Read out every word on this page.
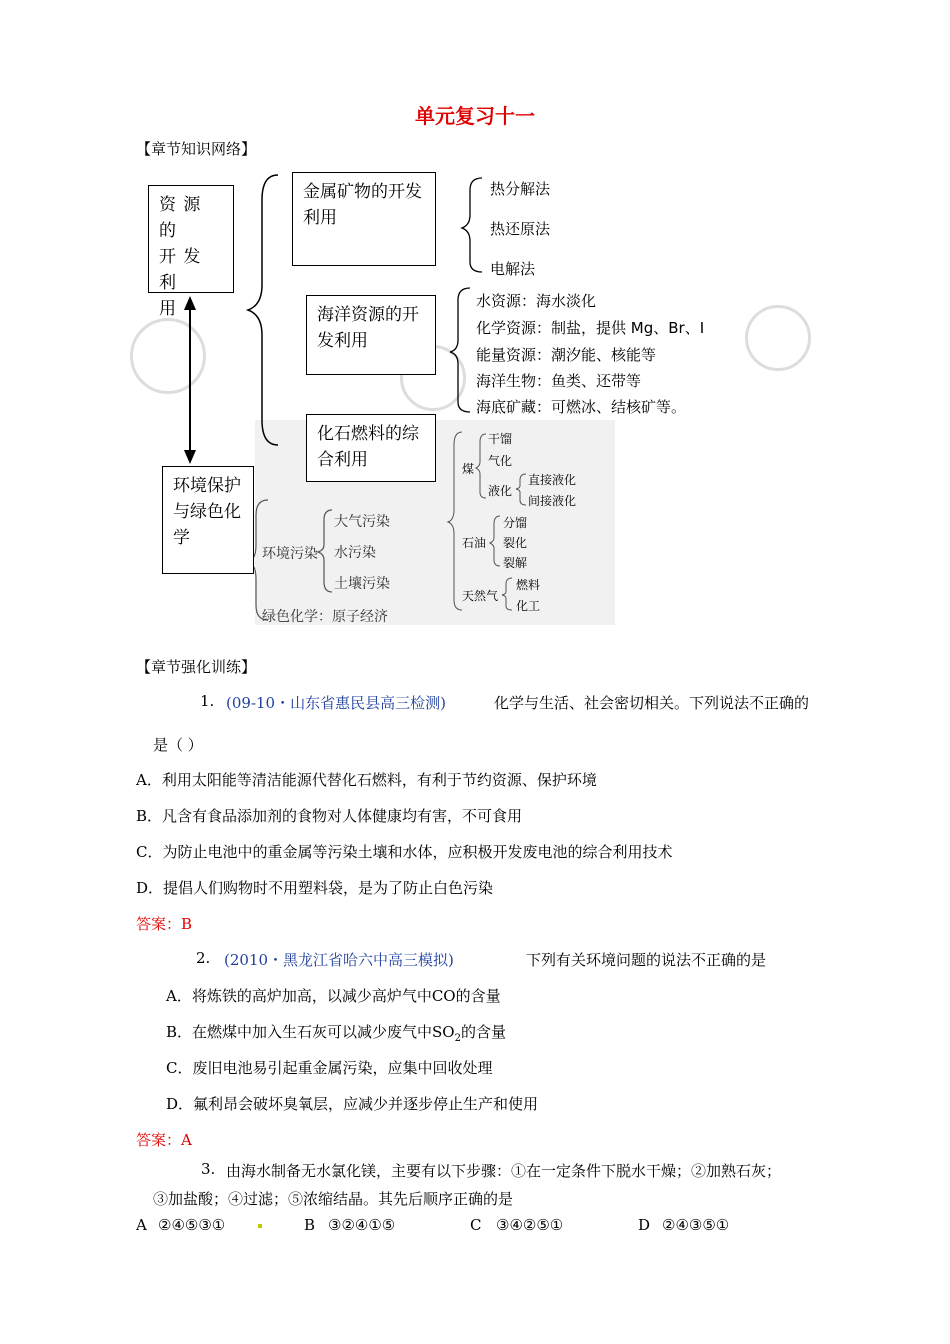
单元复习十一
【章节知识网络】
资 源 的
开 发 利
用
环境保护
与绿色化
学
金属矿物的开发
利用
海洋资源的开
发利用
化石燃料的综
合利用
热分解法
热还原法
电解法
水资源：海水淡化
化学资源：制盐，提供 Mg、Br、I
能量资源：潮汐能、核能等
海洋生物：鱼类、还带等
海底矿藏：可燃冰、结核矿等。
环境污染
大气污染
水污染
土壤污染
绿色化学：原子经济
煤
干馏
气化
液化
直接液化
间接液化
石油
分馏
裂化
裂解
天然气
燃料
化工
【章节强化训练】
1. (09-10・山东省惠民县高三检测)	化学与生活、社会密切相关。下列说法不正确的
是（ ）
A．利用太阳能等清洁能源代替化石燃料，有利于节约资源、保护环境
B．凡含有食品添加剂的食物对人体健康均有害，不可食用
C．为防止电池中的重金属等污染土壤和水体，应积极开发废电池的综合利用技术
D．提倡人们购物时不用塑料袋，是为了防止白色污染
答案：B
2. (2010・黑龙江省哈六中高三模拟)	下列有关环境问题的说法不正确的是
A．将炼铁的高炉加高，以减少高炉气中CO的含量
B．在燃煤中加入生石灰可以减少废气中$SO_2$的含量
C．废旧电池易引起重金属污染，应集中回收处理
D．氟利昂会破坏臭氧层，应减少并逐步停止生产和使用
答案：A
3. 由海水制备无水氯化镁，主要有以下步骤：①在一定条件下脱水干燥；②加熟石灰；
③加盐酸；④过滤；⑤浓缩结晶。其先后顺序正确的是
A ②④⑤③①	B ③②④①⑤	C ③④②⑤①	D ②④③⑤①
